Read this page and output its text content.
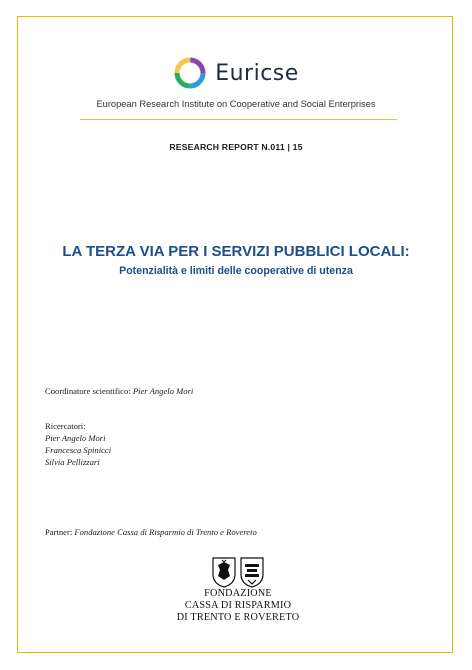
Euricse
European Research Institute on Cooperative and Social Enterprises
RESEARCH REPORT N.011 | 15
LA TERZA VIA PER I SERVIZI PUBBLICI LOCALI:
Potenzialità e limiti delle cooperative di utenza
Coordinatore scientifico: Pier Angelo Mori
Ricercatori:
Pier Angelo Mori
Francesca Spinicci
Silvia Pellizzari
Partner: Fondazione Cassa di Risparmio di Trento e Rovereto
FONDAZIONE
CASSA DI RISPARMIO
DI TRENTO E ROVERETO
